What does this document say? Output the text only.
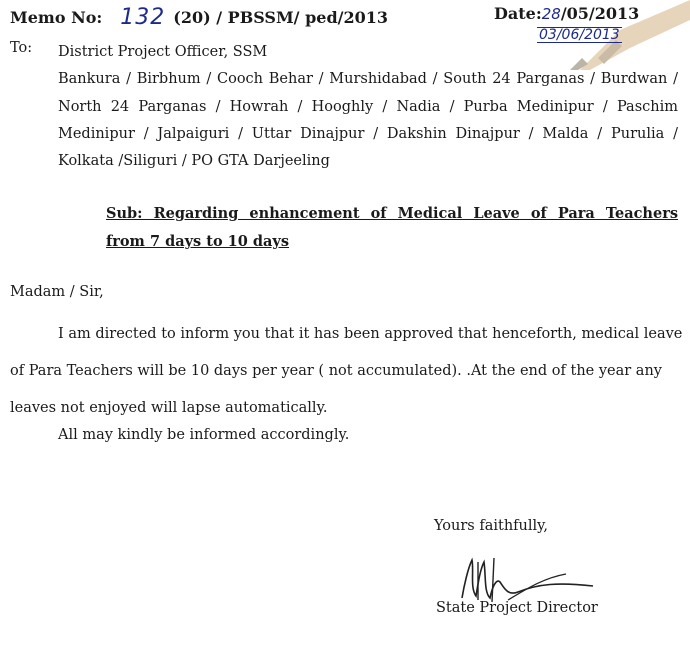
Memo No: 132 (20) / PBSSM/ ped/2013	Date:28/05/2013
03/06/2013
To: District Project Officer, SSM
Bankura / Birbhum / Cooch Behar / Murshidabad / South 24 Parganas / Burdwan /
North 24 Parganas / Howrah / Hooghly / Nadia / Purba Medinipur / Paschim
Medinipur / Jalpaiguri / Uttar Dinajpur / Dakshin Dinajpur / Malda / Purulia /
Kolkata /Siliguri / PO GTA Darjeeling
Sub: Regarding enhancement of Medical Leave of Para Teachers
from 7 days to 10 days
Madam / Sir,
I am directed to inform you that it has been approved that henceforth, medical leave
of Para Teachers will be 10 days per year ( not accumulated). .At the end of the year any
leaves not enjoyed will lapse automatically.
All may kindly be informed accordingly.
Yours faithfully,
State Project Director
